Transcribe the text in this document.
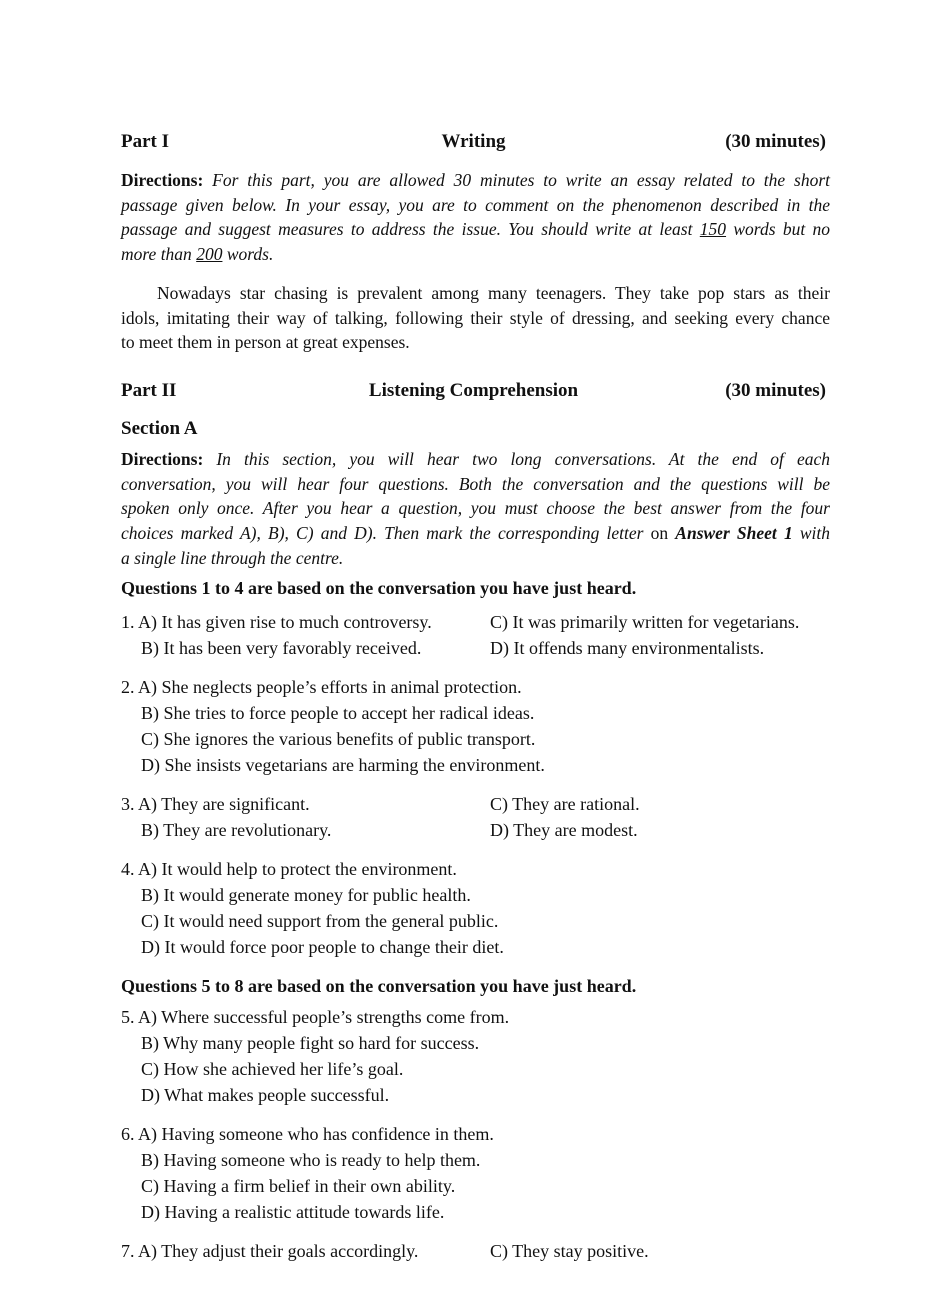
Part I	Writing	(30 minutes)
Directions: For this part, you are allowed 30 minutes to write an essay related to the short
passage given below. In your essay, you are to comment on the phenomenon described in the
passage and suggest measures to address the issue. You should write at least 150 words but no
more than 200 words.
Nowadays star chasing is prevalent among many teenagers. They take pop stars as their
idols, imitating their way of talking, following their style of dressing, and seeking every chance
to meet them in person at great expenses.
Part II	Listening Comprehension	(30 minutes)
Section A
Directions: In this section, you will hear two long conversations. At the end of each
conversation, you will hear four questions. Both the conversation and the questions will be
spoken only once. After you hear a question, you must choose the best answer from the four
choices marked A), B), C) and D). Then mark the corresponding letter on Answer Sheet 1 with
a single line through the centre.
Questions 1 to 4 are based on the conversation you have just heard.
1. A) It has given rise to much controversy.	C) It was primarily written for vegetarians.
B) It has been very favorably received.	D) It offends many environmentalists.
2. A) She neglects people’s efforts in animal protection.
B) She tries to force people to accept her radical ideas.
C) She ignores the various benefits of public transport.
D) She insists vegetarians are harming the environment.
3. A) They are significant.	C) They are rational.
B) They are revolutionary.	D) They are modest.
4. A) It would help to protect the environment.
B) It would generate money for public health.
C) It would need support from the general public.
D) It would force poor people to change their diet.
Questions 5 to 8 are based on the conversation you have just heard.
5. A) Where successful people’s strengths come from.
B) Why many people fight so hard for success.
C) How she achieved her life’s goal.
D) What makes people successful.
6. A) Having someone who has confidence in them.
B) Having someone who is ready to help them.
C) Having a firm belief in their own ability.
D) Having a realistic attitude towards life.
7. A) They adjust their goals accordingly.	C) They stay positive.
